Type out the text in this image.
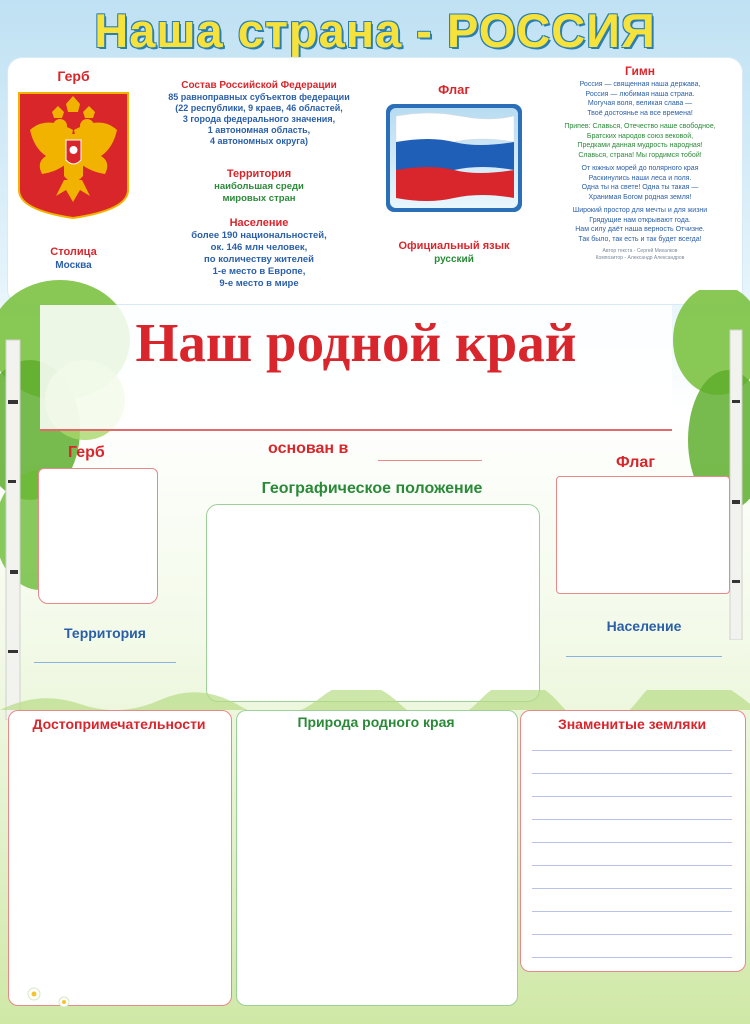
Наша страна - РОССИЯ
Герб
Столица
Москва
Состав Российской Федерации
85 равноправных субъектов федерации
(22 республики, 9 краев, 46 областей,
3 города федерального значения,
1 автономная область,
4 автономных округа)
Территория
наибольшая среди
мировых стран
Население
более 190 национальностей,
ок. 146 млн человек,
по количеству жителей
1-е место в Европе,
9-е место в мире
Флаг
Официальный язык
русский
Гимн

Россия — священная наша держава,
Россия — любимая наша страна.
Могучая воля, великая слава —
Твоё достоянье на все времена!

Припев: Славься, Отечество наше свободное,
Братских народов союз вековой,
Предками данная мудрость народная!
Славься, страна! Мы гордимся тобой!

От южных морей до полярного края
Раскинулись наши леса и поля.
Одна ты на свете! Одна ты такая —
Хранимая Богом родная земля!

Широкий простор для мечты и для жизни
Грядущие нам открывают года.
Нам силу даёт наша верность Отчизне.
Так было, так есть и так будет всегда!

Автор текста - Сергей Михалков
Композитор - Александр Александров

Наш родной край
основан в
Герб
Флаг
Географическое положение
Территория	Население
Достопримечательности	Природа родного края	Знаменитые земляки
